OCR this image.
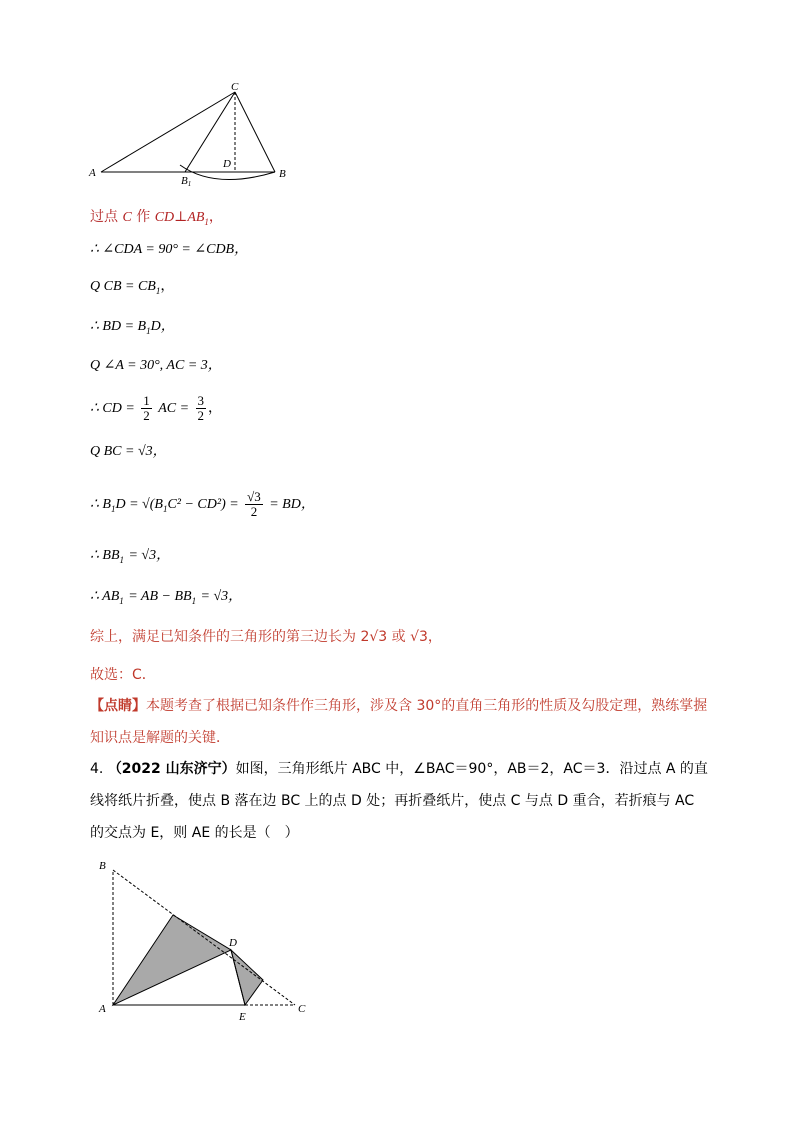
C
A
D
B1
B
过点 C 作 $CD\perp AB_1$，
∴ ∠CDA = 90° = ∠CDB，
Q CB = $CB_1$，
∴ BD = $B_1D$，
Q ∠A = 30°, AC = 3，
∴ CD = $\frac{1}{2}$ AC = $\frac{3}{2}$ ，
Q BC = √3，
∴ $B_1D = √(B_1C^2 - CD^2) = \frac{√3}{2}$ = BD，
∴ $BB_1 = √3$，
∴ $AB_1$ = AB − $BB_1 = √3$，
综上，满足已知条件的三角形的第三边长为 2√3 或 √3，
故选：C．
【点睛】本题考查了根据已知条件作三角形，涉及含 30°的直角三角形的性质及勾股定理，熟练掌握知识点是解题的关键．
4. （2022 山东济宁）如图，三角形纸片 ABC 中，∠BAC＝90°，AB＝2，AC＝3．沿过点 A 的直线将纸片折叠，使点 B 落在边 BC 上的点 D 处；再折叠纸片，使点 C 与点 D 重合，若折痕与 AC 的交点为 E，则 AE 的长是（　）
B
D
A
E
C
